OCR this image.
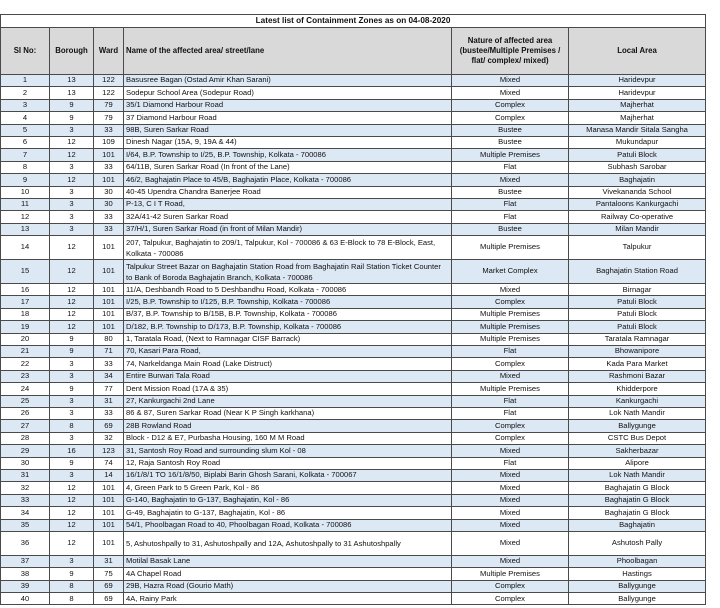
Latest list of Containment Zones as on 04-08-2020					
Sl No:	Borough	Ward	Name of the affected area/ street/lane	Nature of affected area (bustee/Multiple Premises / flat/ complex/ mixed)	Local Area
1	13	122	Basusree Bagan (Ostad Amir Khan Sarani)	Mixed	Haridevpur
2	13	122	Sodepur School Area (Sodepur Road)	Mixed	Haridevpur
3	9	79	35/1 Diamond Harbour Road	Complex	Majherhat
4	9	79	37 Diamond Harbour Road	Complex	Majherhat
5	3	33	98B, Suren Sarkar Road	Bustee	Manasa Mandir Sitala Sangha
6	12	109	Dinesh Nagar (15A, 9, 19A & 44)	Bustee	Mukundapur
7	12	101	I/64, B.P. Township to I/25, B.P. Township, Kolkata - 700086	Multiple Premises	Patuli Block
8	3	33	64/11B, Suren Sarkar Road (In front of the Lane)	Flat	Subhash Sarobar
9	12	101	46/2, Baghajatin Place to 45/B, Baghajatin Place, Kolkata - 700086	Mixed	Baghajatin
10	3	30	40-45 Upendra Chandra Banerjee Road	Bustee	Vivekananda School
11	3	30	P-13, C I T Road,	Flat	Pantaloons Kankurgachi
12	3	33	32A/41-42 Suren Sarkar Road	Flat	Railway Co-operative
13	3	33	37/H/1, Suren Sarkar Road (in front of Milan Mandir)	Bustee	Milan Mandir
14	12	101	207, Talpukur, Baghajatin to 209/1, Talpukur, Kol - 700086 & 63 E-Block to 78 E-Block, East, Kolkata - 700086	Multiple Premises	Talpukur
15	12	101	Talpukur Street Bazar on Baghajatin Station Road from Baghajatin Rail Station Ticket Counter to Bank of Boroda Baghajatin Branch, Kolkata - 700086	Market Complex	Baghajatin Station Road
16	12	101	11/A, Deshbandh Road to 5 Deshbandhu Road, Kolkata - 700086	Mixed	Birnagar
17	12	101	I/25, B.P. Township to I/125, B.P. Township, Kolkata - 700086	Complex	Patuli Block
18	12	101	B/37, B.P. Township to B/15B, B.P. Township, Kolkata - 700086	Multiple Premises	Patuli Block
19	12	101	D/182, B.P. Township to D/173, B.P. Township, Kolkata - 700086	Multiple Premises	Patuli Block
20	9	80	1, Taratala Road, (Next to Ramnagar CISF Barrack)	Multiple Premises	Taratala Ramnagar
21	9	71	70, Kasari Para Road,	Flat	Bhowanipore
22	3	33	74, Narkeldanga Main Road (Lake Distruct)	Complex	Kada Para Market
23	3	34	Entire Burwari Tala Road	Mixed	Rashmoni Bazar
24	9	77	Dent Mission Road (17A & 35)	Multiple Premises	Khidderpore
25	3	31	27, Kankurgachi 2nd Lane	Flat	Kankurgachi
26	3	33	86 & 87, Suren Sarkar Road (Near K P Singh karkhana)	Flat	Lok Nath Mandir
27	8	69	28B Rowland Road	Complex	Ballygunge
28	3	32	Block - D12 & E7, Purbasha Housing, 160 M M Road	Complex	CSTC Bus Depot
29	16	123	31, Santosh Roy Road and surrounding slum Kol - 08	Mixed	Sakherbazar
30	9	74	12, Raja Santosh Roy Road	Flat	Alipore
31	3	14	16/1/8/1 TO 16/1/8/50, Biplabi Barin Ghosh Sarani, Kolkata - 700067	Mixed	Lok Nath Mandir
32	12	101	4, Green Park to 5 Green Park, Kol - 86	Mixed	Baghajatin G Block
33	12	101	G-140, Baghajatin to G-137, Baghajatin, Kol - 86	Mixed	Baghajatin G Block
34	12	101	G-49, Baghajatin to G-137, Baghajatin, Kol - 86	Mixed	Baghajatin G Block
35	12	101	54/1, Phoolbagan Road to 40, Phoolbagan Road, Kolkata - 700086	Mixed	Baghajatin
36	12	101	5, Ashutoshpally to 31, Ashutoshpally and 12A, Ashutoshpally to 31 Ashutoshpally	Mixed	Ashutosh Pally
37	3	31	Motilal Basak Lane	Mixed	Phoolbagan
38	9	75	4A Chapel Road	Multiple Premises	Hastings
39	8	69	29B, Hazra Road (Gourio Math)	Complex	Ballygunge
40	8	69	4A, Rainy Park	Complex	Ballygunge
